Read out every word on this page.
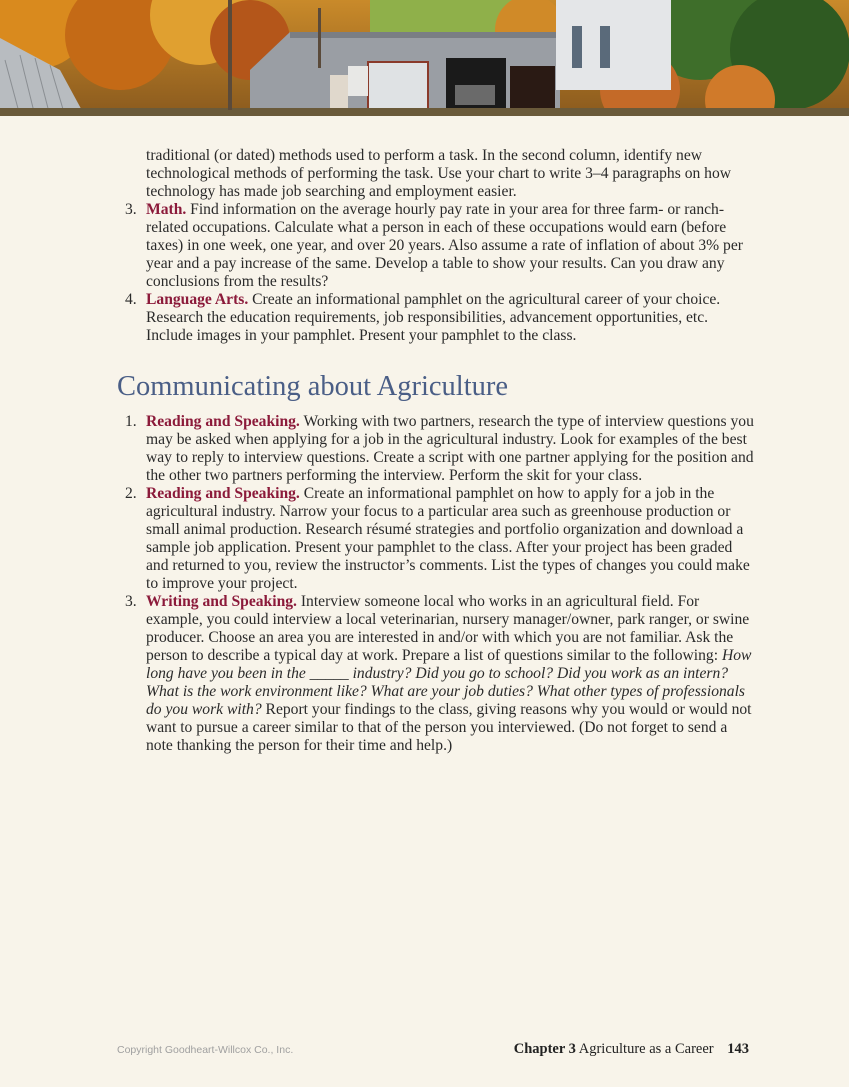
traditional (or dated) methods used to perform a task. In the second column, identify new technological methods of performing the task. Use your chart to write 3–4 paragraphs on how technology has made job searching and employment easier.

3. Math. Find information on the average hourly pay rate in your area for three farm- or ranch-related occupations. Calculate what a person in each of these occupations would earn (before taxes) in one week, one year, and over 20 years. Also assume a rate of inflation of about 3% per year and a pay increase of the same. Develop a table to show your results. Can you draw any conclusions from the results?
4. Language Arts. Create an informational pamphlet on the agricultural career of your choice. Research the education requirements, job responsibilities, advancement opportunities, etc. Include images in your pamphlet. Present your pamphlet to the class.
Communicating about Agriculture
1. Reading and Speaking. Working with two partners, research the type of interview questions you may be asked when applying for a job in the agricultural industry. Look for examples of the best way to reply to interview questions. Create a script with one partner applying for the position and the other two partners performing the interview. Perform the skit for your class.
2. Reading and Speaking. Create an informational pamphlet on how to apply for a job in the agricultural industry. Narrow your focus to a particular area such as greenhouse production or small animal production. Research résumé strategies and portfolio organization and download a sample job application. Present your pamphlet to the class. After your project has been graded and returned to you, review the instructor’s comments. List the types of changes you could make to improve your project.
3. Writing and Speaking. Interview someone local who works in an agricultural field. For example, you could interview a local veterinarian, nursery manager/owner, park ranger, or swine producer. Choose an area you are interested in and/or with which you are not familiar. Ask the person to describe a typical day at work. Prepare a list of questions similar to the following: How long have you been in the _____ industry? Did you go to school? Did you work as an intern? What is the work environment like? What are your job duties? What other types of professionals do you work with? Report your findings to the class, giving reasons why you would or would not want to pursue a career similar to that of the person you interviewed. (Do not forget to send a note thanking the person for their time and help.)
Copyright Goodheart-Willcox Co., Inc.	Chapter 3 Agriculture as a Career 143
